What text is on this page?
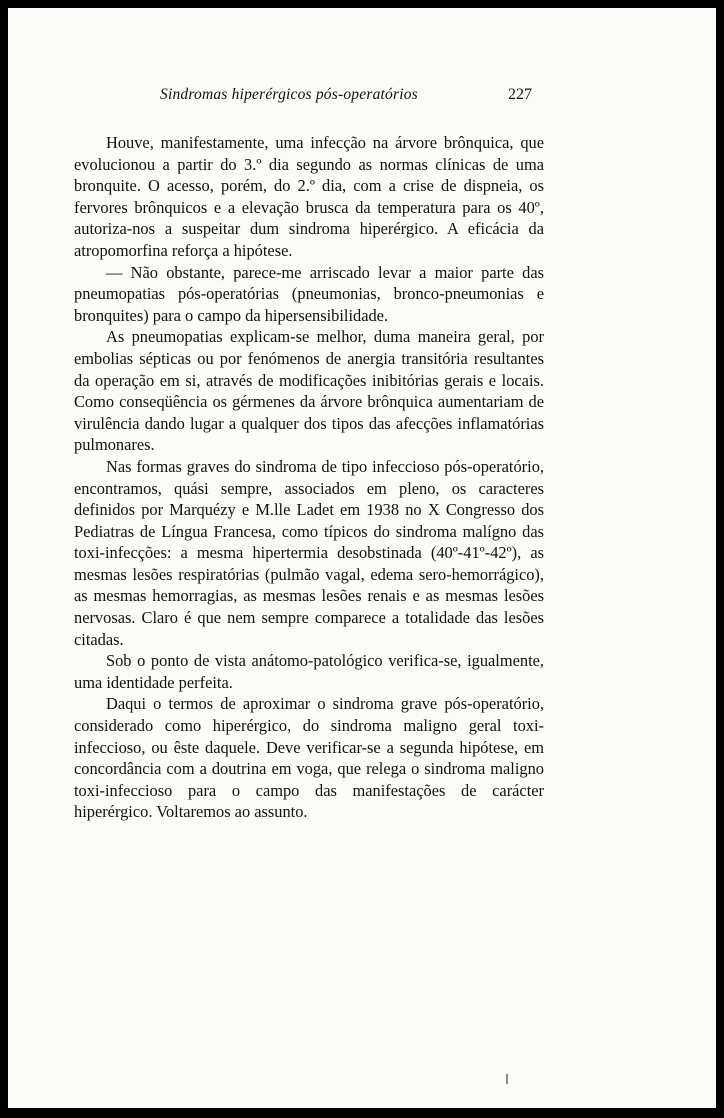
Sindromas hiperérgicos pós-operatórios	227

Houve, manifestamente, uma infecção na árvore brônquica, que evolucionou a partir do 3.º dia segundo as normas clínicas de uma bronquite. O acesso, porém, do 2.º dia, com a crise de dispneia, os fervores brônquicos e a elevação brusca da temperatura para os 40º, autoriza-nos a suspeitar dum sindroma hiperérgico. A eficácia da atropomorfina reforça a hipótese.

— Não obstante, parece-me arriscado levar a maior parte das pneumopatias pós-operatórias (pneumonias, bronco-pneumonias e bronquites) para o campo da hipersensibilidade.

As pneumopatias explicam-se melhor, duma maneira geral, por embolias sépticas ou por fenómenos de anergia transitória resultantes da operação em si, através de modificações inibitórias gerais e locais. Como conseqüência os gérmenes da árvore brônquica aumentariam de virulência dando lugar a qualquer dos tipos das afecções inflamatórias pulmonares.

Nas formas graves do sindroma de tipo infeccioso pós-operatório, encontramos, quási sempre, associados em pleno, os caracteres definidos por Marquézy e M.lle Ladet em 1938 no X Congresso dos Pediatras de Língua Francesa, como típicos do sindroma malígno das toxi-infecções: a mesma hipertermia desobstinada (40º-41º-42º), as mesmas lesões respiratórias (pulmão vagal, edema sero-hemorrágico), as mesmas hemorragias, as mesmas lesões renais e as mesmas lesões nervosas. Claro é que nem sempre comparece a totalidade das lesões citadas.

Sob o ponto de vista anátomo-patológico verifica-se, igualmente, uma identidade perfeita.

Daqui o termos de aproximar o sindroma grave pós-operatório, considerado como hiperérgico, do sindroma maligno geral toxi-infeccioso, ou êste daquele. Deve verificar-se a segunda hipótese, em concordância com a doutrina em voga, que relega o sindroma maligno toxi-infeccioso para o campo das manifestações de carácter hiperérgico. Voltaremos ao assunto.
